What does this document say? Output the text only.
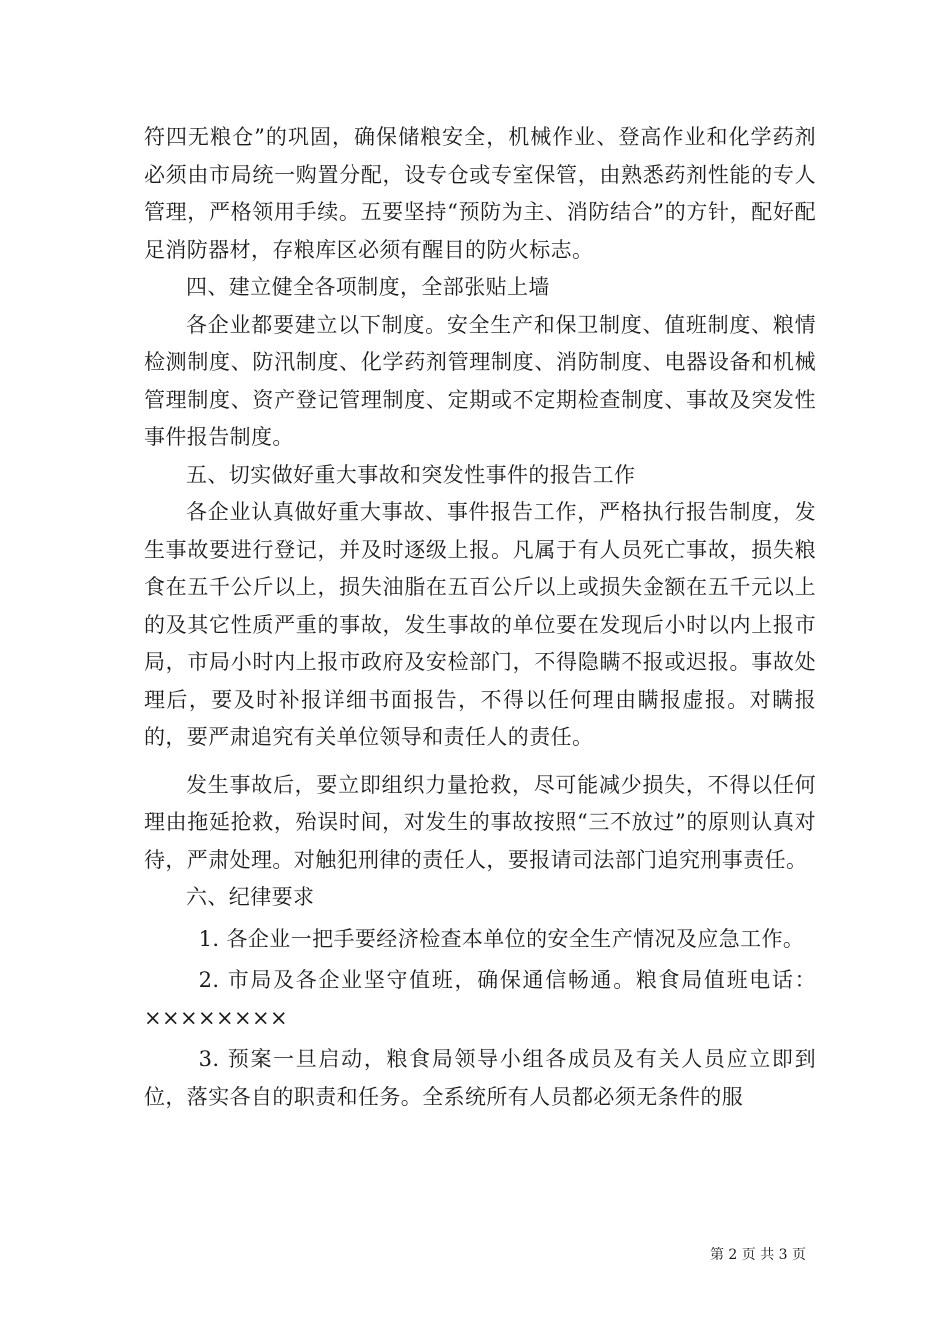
符四无粮仓”的巩固，确保储粮安全，机械作业、登高作业和化学药剂必须由市局统一购置分配，设专仓或专室保管，由熟悉药剂性能的专人管理，严格领用手续。五要坚持“预防为主、消防结合”的方针，配好配足消防器材，存粮库区必须有醒目的防火标志。

四、建立健全各项制度，全部张贴上墙

各企业都要建立以下制度。安全生产和保卫制度、值班制度、粮情检测制度、防汛制度、化学药剂管理制度、消防制度、电器设备和机械管理制度、资产登记管理制度、定期或不定期检查制度、事故及突发性事件报告制度。

五、切实做好重大事故和突发性事件的报告工作

各企业认真做好重大事故、事件报告工作，严格执行报告制度，发生事故要进行登记，并及时逐级上报。凡属于有人员死亡事故，损失粮食在五千公斤以上，损失油脂在五百公斤以上或损失金额在五千元以上的及其它性质严重的事故，发生事故的单位要在发现后小时以内上报市局，市局小时内上报市政府及安检部门，不得隐瞒不报或迟报。事故处理后，要及时补报详细书面报告，不得以任何理由瞒报虚报。对瞒报的，要严肃追究有关单位领导和责任人的责任。

发生事故后，要立即组织力量抢救，尽可能减少损失，不得以任何理由拖延抢救，殆误时间，对发生的事故按照“三不放过”的原则认真对待，严肃处理。对触犯刑律的责任人，要报请司法部门追究刑事责任。

六、纪律要求

1. 各企业一把手要经济检查本单位的安全生产情况及应急工作。

2. 市局及各企业坚守值班，确保通信畅通。粮食局值班电话：××××××××

3. 预案一旦启动，粮食局领导小组各成员及有关人员应立即到位，落实各自的职责和任务。全系统所有人员都必须无条件的服

第 2 页 共 3 页
